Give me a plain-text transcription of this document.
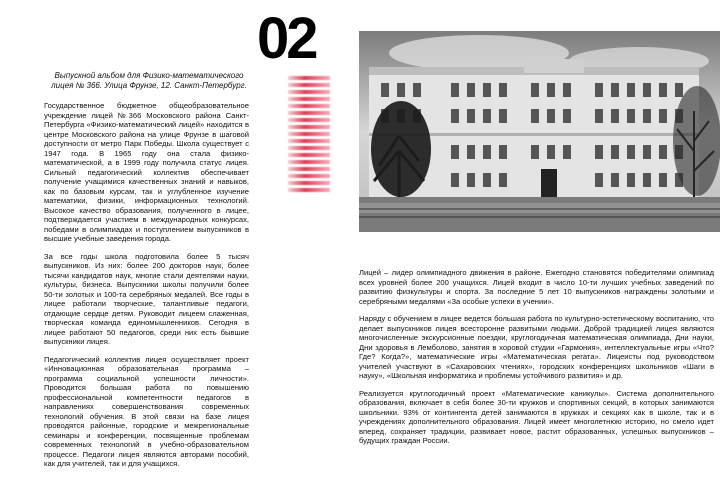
02
Выпускной альбом для Физико-математического лицея № 366. Улица Фрунзе, 12. Санкт-Петербург.

Государственное бюджетное общеобразовательное учреждение лицей №366 Московского района Санкт-Петербурга «Физико-математический лицей» находится в центре Московского района на улице Фрунзе в шаговой доступности от метро Парк Победы. Школа существует с 1947 года. В 1965 году она стала физико-математической, а в 1999 году получила статус лицея. Сильный педагогический коллектив обеспечивает получение учащимися качественных знаний и навыков, как по базовым курсам, так и углубленное изучение математики, физики, информационных технологий. Высокое качество образования, полученного в лицее, подтверждается участием в международных конкурсах, победами в олимпиадах и поступлением выпускников в высшие учебные заведения города.

За все годы школа подготовила более 5 тысяч выпускников. Из них: более 200 докторов наук, более тысячи кандидатов наук, многие стали деятелями науки, культуры, бизнеса. Выпускники школы получили более 50-ти золотых и 100-та серебряных медалей. Все годы в лицее работали творческие, талантливые педагоги, отдающие сердце детям. Руководит лицеем слаженная, творческая команда единомышленников. Сегодня в лицее работают 50 педагогов, среди них есть бывшие выпускники лицея.

Педагогический коллектив лицея осуществляет проект «Инновационная образовательная программа – программа социальной успешности личности». Проводится большая работа по повышению профессиональной компетентности педагогов в направлениях совершенствования современных технологий обучения. В этой связи на базе лицея проводятся районные, городские и межрегиональные семинары и конференции, посвященные проблемам современных технологий в учебно-образовательном процессе. Педагоги лицея являются авторами пособий, как для учителей, так и для учащихся.

Лицей – лидер олимпиадного движения в районе. Ежегодно становятся победителями олимпиад всех уровней более 200 учащихся. Лицей входит в число 10-ти лучших учебных заведений по развитию физкультуры и спорта. За последние 5 лет 10 выпускников награждены золотыми и серебряными медалями «За особые успехи в учении».

Наряду с обучением в лицее ведется большая работа по культурно-эстетическому воспитанию, что делает выпускников лицея всесторонне развитыми людьми. Доброй традицией лицея являются многочисленные экскурсионные поездки, круглогодичная математическая олимпиада, Дни науки, Дни здоровья в Лемболово, занятия в хоровой студии «Гармония», интеллектуальные игры «Что? Где? Когда?», математические игры «Математическая регата». Лицеисты под руководством учителей участвуют в «Сахаровских чтениях», городских конференциях школьников «Шаги в науку», «Школьная информатика и проблемы устойчивого развития» и др.

Реализуется круглогодичный проект «Математические каникулы». Система дополнительного образования, включает в себя более 30-ти кружков и спортивных секций, в которых занимаются школьники. 93% от контингента детей занимаются в кружках и секциях как в школе, так и в учреждениях дополнительного образования. Лицей имеет многолетнюю историю, но смело идет вперед, сохраняет традиции, развивает новое, растит образованных, успешных выпускников – будущих граждан России.
